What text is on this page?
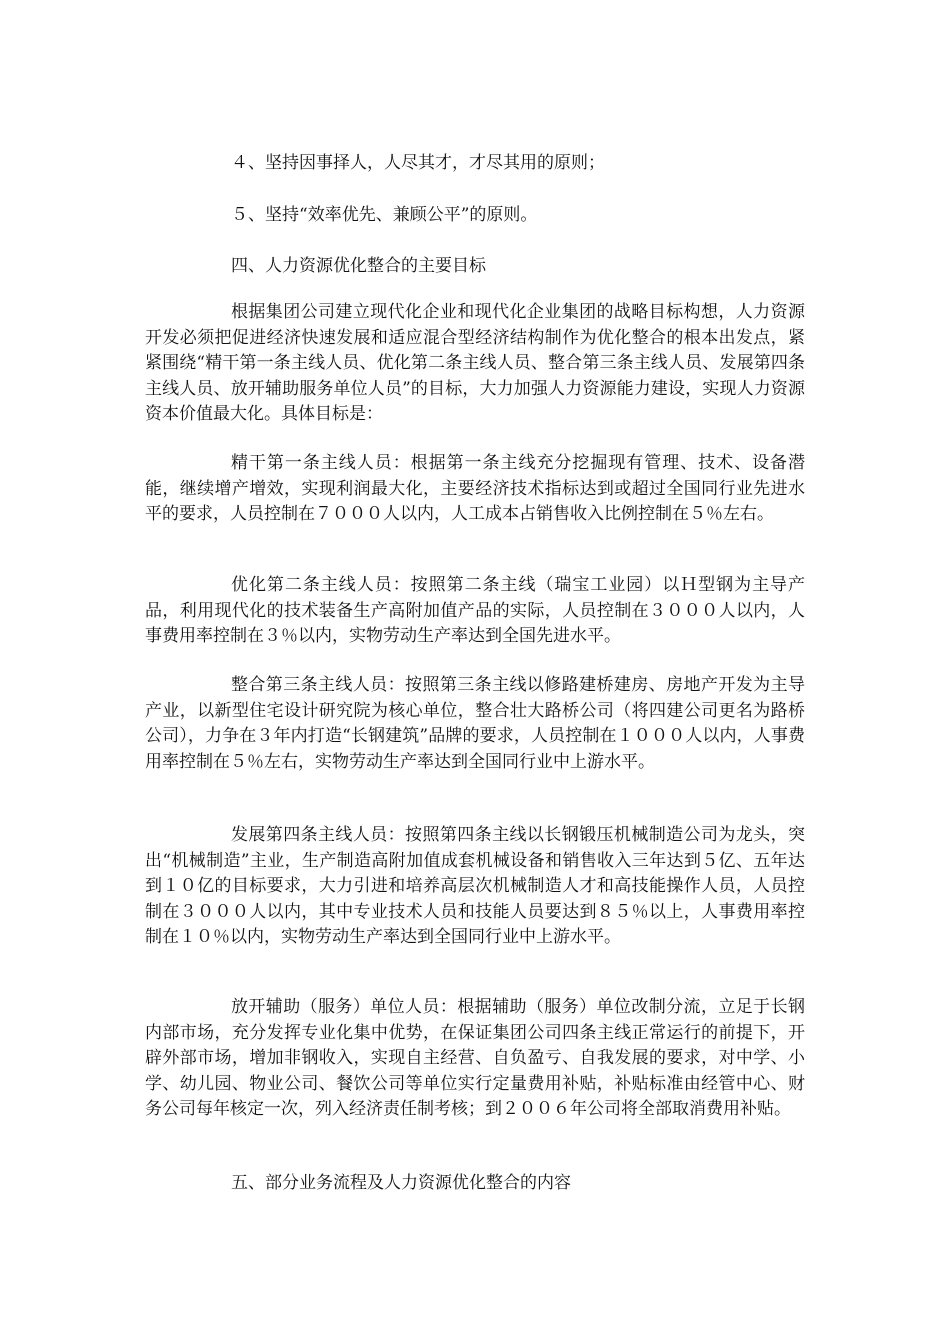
４、坚持因事择人，人尽其才，才尽其用的原则；
５、坚持“效率优先、兼顾公平”的原则。
四、人力资源优化整合的主要目标

根据集团公司建立现代化企业和现代化企业集团的战略目标构想，人力资源开发必须把促进经济快速发展和适应混合型经济结构制作为优化整合的根本出发点，紧紧围绕“精干第一条主线人员、优化第二条主线人员、整合第三条主线人员、发展第四条主线人员、放开辅助服务单位人员”的目标，大力加强人力资源能力建设，实现人力资源资本价值最大化。具体目标是：

精干第一条主线人员：根据第一条主线充分挖掘现有管理、技术、设备潜能，继续增产增效，实现利润最大化，主要经济技术指标达到或超过全国同行业先进水平的要求，人员控制在７０００人以内，人工成本占销售收入比例控制在５％左右。

优化第二条主线人员：按照第二条主线（瑞宝工业园）以Ｈ型钢为主导产品，利用现代化的技术装备生产高附加值产品的实际，人员控制在３０００人以内，人事费用率控制在３％以内，实物劳动生产率达到全国先进水平。

整合第三条主线人员：按照第三条主线以修路建桥建房、房地产开发为主导产业，以新型住宅设计研究院为核心单位，整合壮大路桥公司（将四建公司更名为路桥公司），力争在３年内打造“长钢建筑”品牌的要求，人员控制在１０００人以内，人事费用率控制在５％左右，实物劳动生产率达到全国同行业中上游水平。

发展第四条主线人员：按照第四条主线以长钢锻压机械制造公司为龙头，突出“机械制造”主业，生产制造高附加值成套机械设备和销售收入三年达到５亿、五年达到１０亿的目标要求，大力引进和培养高层次机械制造人才和高技能操作人员，人员控制在３０００人以内，其中专业技术人员和技能人员要达到８５％以上，人事费用率控制在１０％以内，实物劳动生产率达到全国同行业中上游水平。

放开辅助（服务）单位人员：根据辅助（服务）单位改制分流，立足于长钢内部市场，充分发挥专业化集中优势，在保证集团公司四条主线正常运行的前提下，开辟外部市场，增加非钢收入，实现自主经营、自负盈亏、自我发展的要求，对中学、小学、幼儿园、物业公司、餐饮公司等单位实行定量费用补贴，补贴标准由经管中心、财务公司每年核定一次，列入经济责任制考核；到２００６年公司将全部取消费用补贴。

五、部分业务流程及人力资源优化整合的内容
